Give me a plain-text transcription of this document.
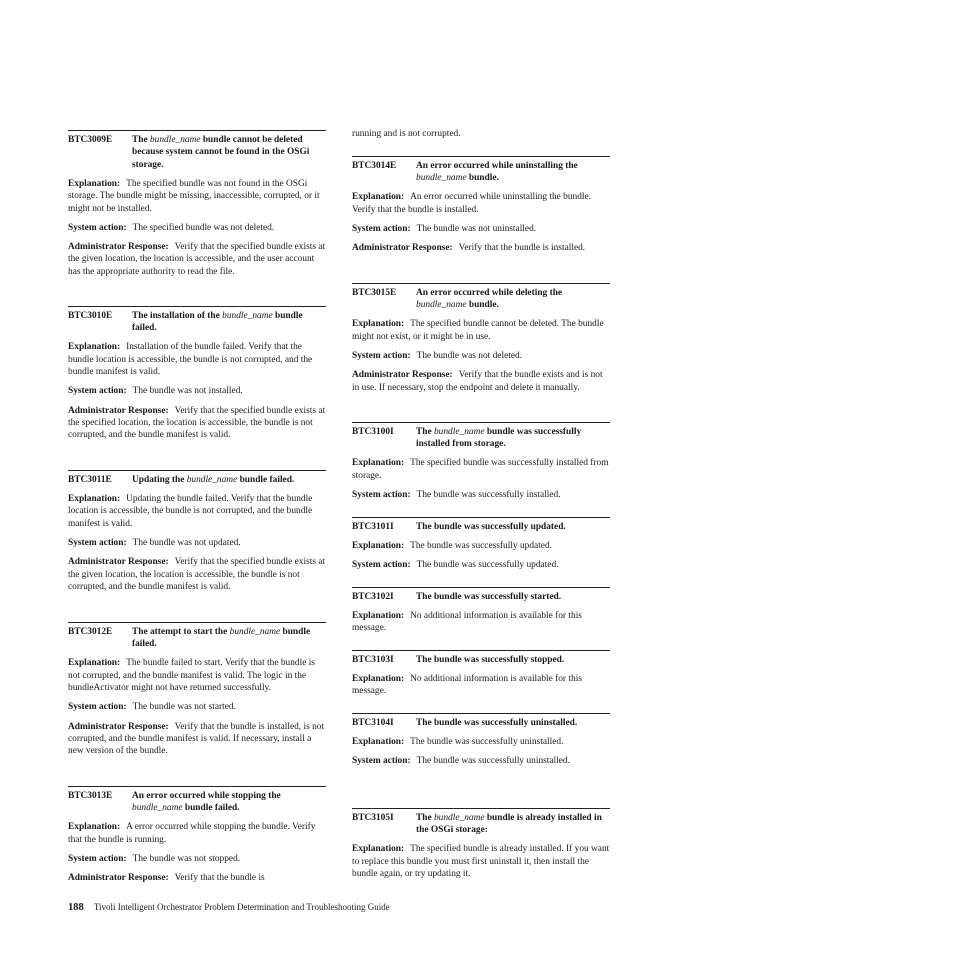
BTC3009E	The bundle_name bundle cannot be deleted because system cannot be found in the OSGi storage.

Explanation: The specified bundle was not found in the OSGi storage. The bundle might be missing, inaccessible, corrupted, or it might not be installed.

System action: The specified bundle was not deleted.

Administrator Response: Verify that the specified bundle exists at the given location, the location is accessible, and the user account has the appropriate authority to read the file.

BTC3010E	The installation of the bundle_name bundle failed.

Explanation: Installation of the bundle failed. Verify that the bundle location is accessible, the bundle is not corrupted, and the bundle manifest is valid.

System action: The bundle was not installed.

Administrator Response: Verify that the specified bundle exists at the specified location, the location is accessible, the bundle is not corrupted, and the bundle manifest is valid.

BTC3011E	Updating the bundle_name bundle failed.

Explanation: Updating the bundle failed. Verify that the bundle location is accessible, the bundle is not corrupted, and the bundle manifest is valid.

System action: The bundle was not updated.

Administrator Response: Verify that the specified bundle exists at the given location, the location is accessible, the bundle is not corrupted, and the bundle manifest is valid.

BTC3012E	The attempt to start the bundle_name bundle failed.

Explanation: The bundle failed to start. Verify that the bundle is not corrupted, and the bundle manifest is valid. The logic in the bundleActivator might not have returned successfully.

System action: The bundle was not started.

Administrator Response: Verify that the bundle is installed, is not corrupted, and the bundle manifest is valid. If necessary, install a new version of the bundle.

BTC3013E	An error occurred while stopping the bundle_name bundle failed.

Explanation: A error occurred while stopping the bundle. Verify that the bundle is running.

System action: The bundle was not stopped.

Administrator Response: Verify that the bundle is

running and is not corrupted.

BTC3014E	An error occurred while uninstalling the bundle_name bundle.

Explanation: An error occurred while uninstalling the bundle. Verify that the bundle is installed.

System action: The bundle was not uninstalled.

Administrator Response: Verify that the bundle is installed.

BTC3015E	An error occurred while deleting the bundle_name bundle.

Explanation: The specified bundle cannot be deleted. The bundle might not exist, or it might be in use.

System action: The bundle was not deleted.

Administrator Response: Verify that the bundle exists and is not in use. If necessary, stop the endpoint and delete it manually.

BTC3100I	The bundle_name bundle was successfully installed from storage.

Explanation: The specified bundle was successfully installed from storage.

System action: The bundle was successfully installed.

BTC3101I	The bundle was successfully updated.

Explanation: The bundle was successfully updated.

System action: The bundle was successfully updated.

BTC3102I	The bundle was successfully started.

Explanation: No additional information is available for this message.

BTC3103I	The bundle was successfully stopped.

Explanation: No additional information is available for this message.

BTC3104I	The bundle was successfully uninstalled.

Explanation: The bundle was successfully uninstalled.

System action: The bundle was successfully uninstalled.

BTC3105I	The bundle_name bundle is already installed in the OSGi storage:

Explanation: The specified bundle is already installed. If you want to replace this bundle you must first uninstall it, then install the bundle again, or try updating it.

188 Tivoli Intelligent Orchestrator Problem Determination and Troubleshooting Guide
